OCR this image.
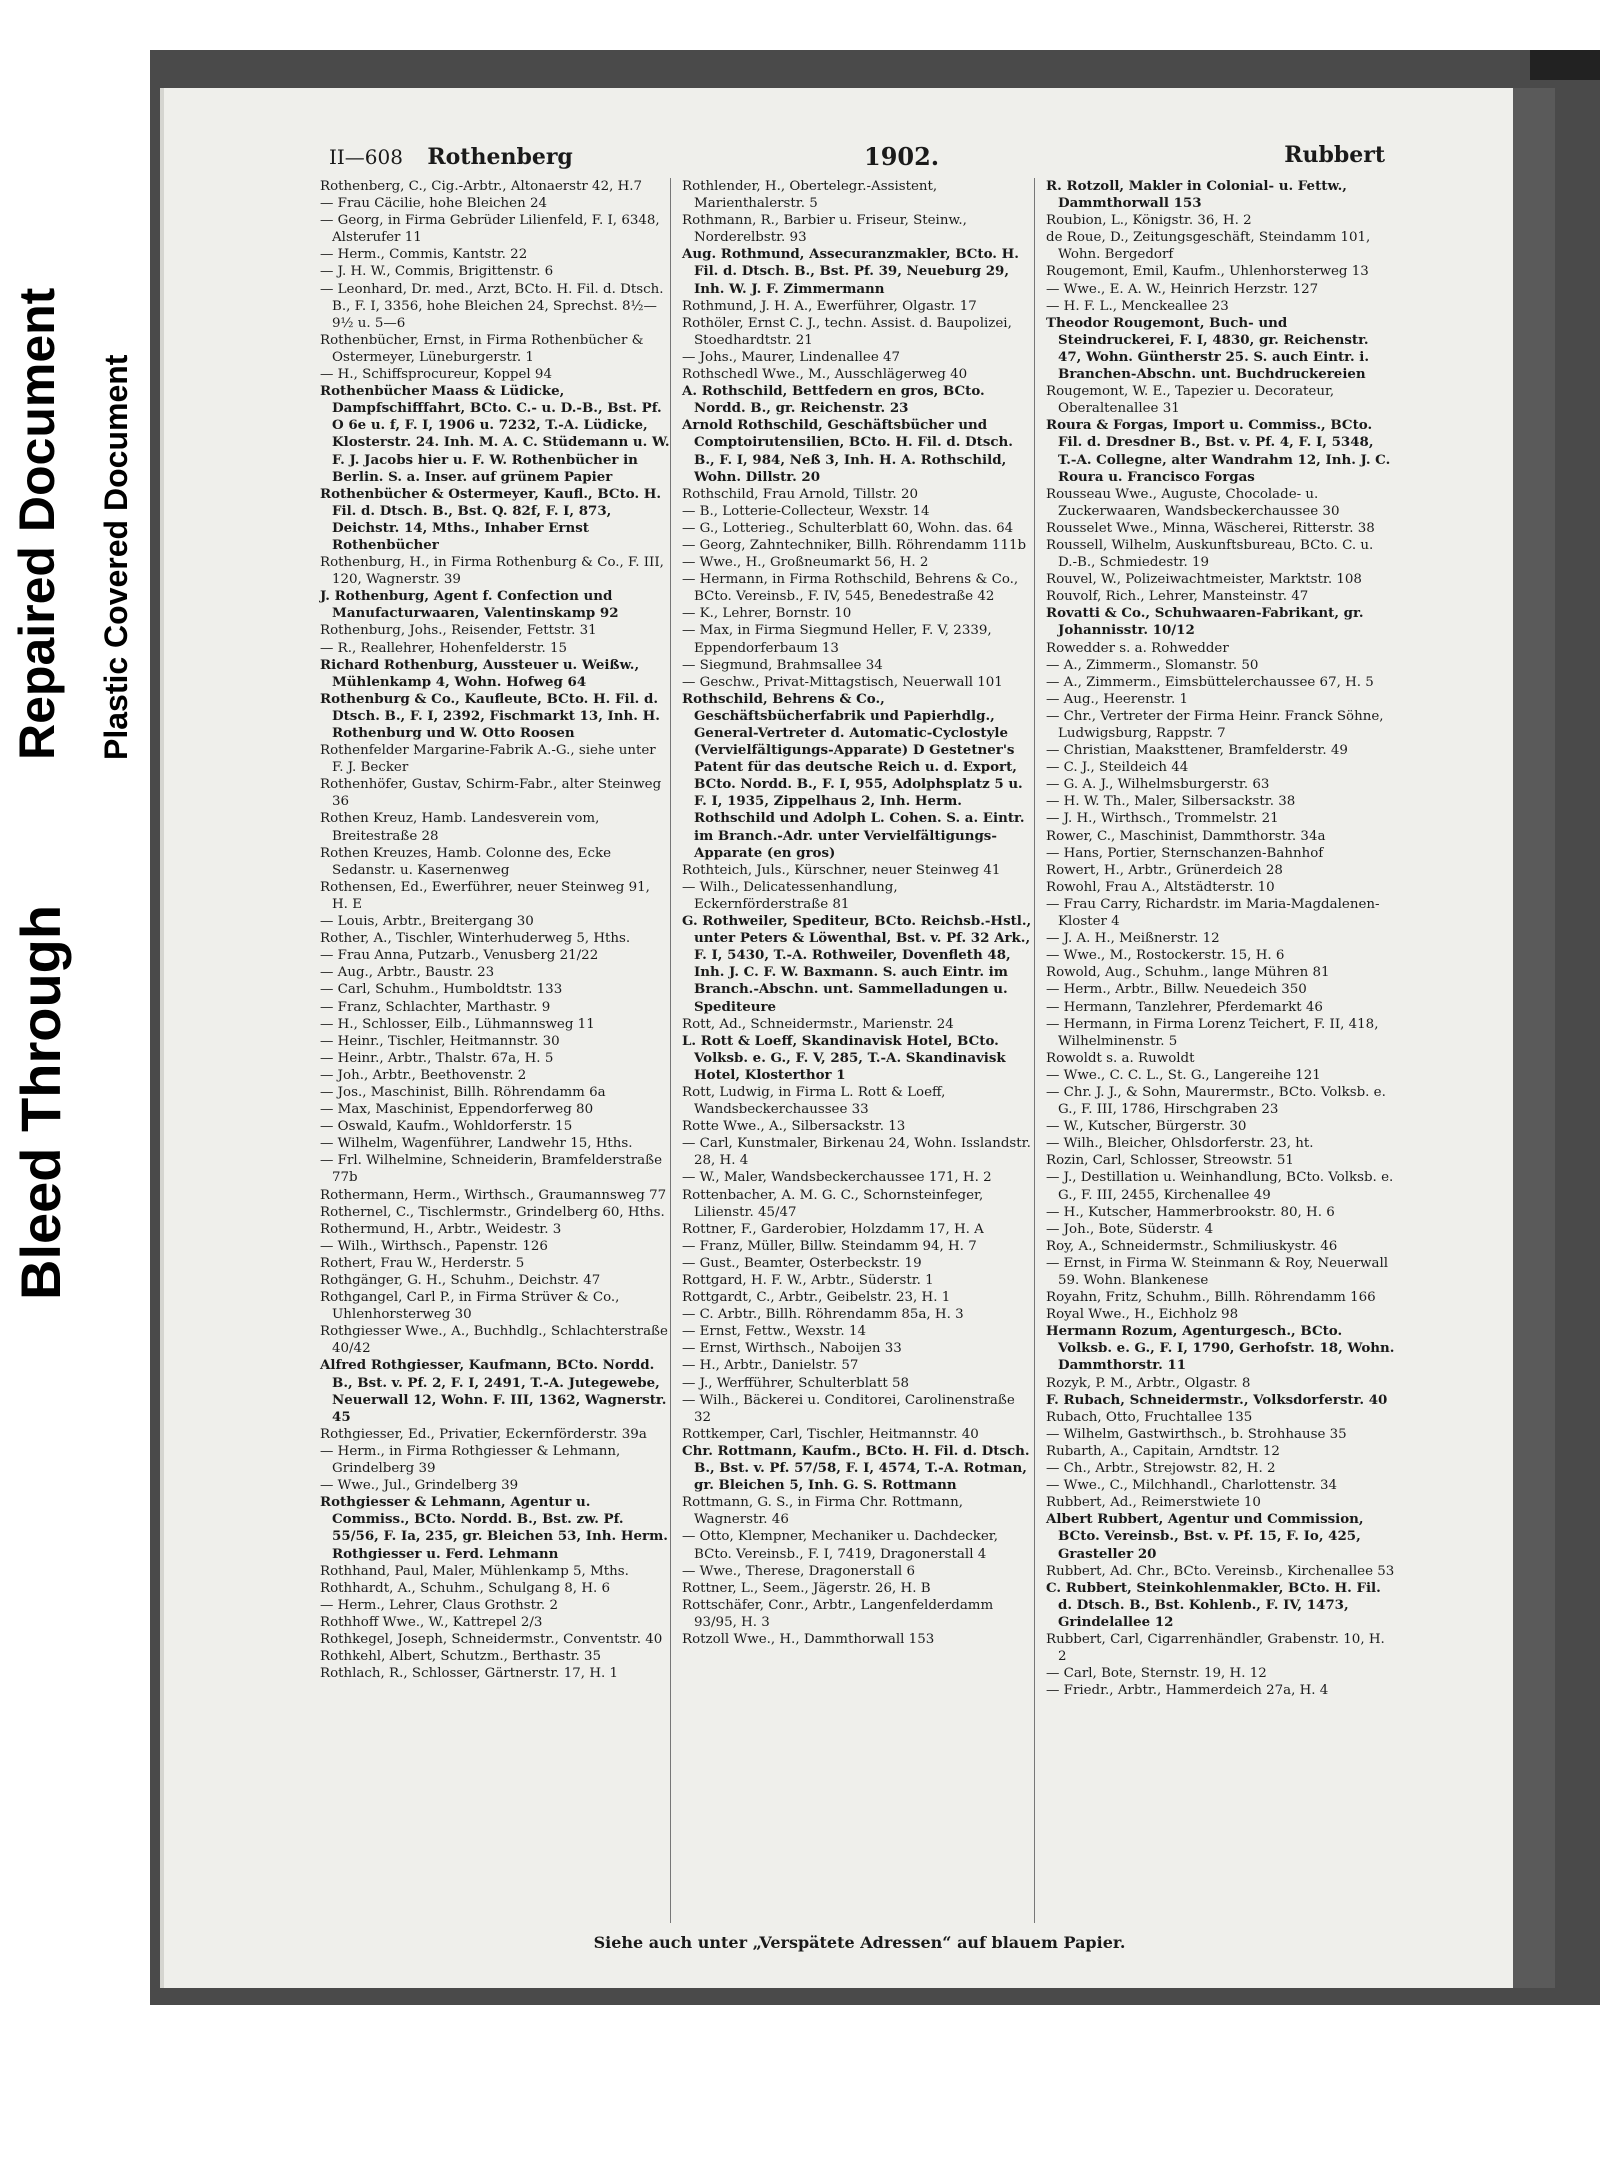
Bleed Through
Repaired Document Plastic Covered Document
II—608 Rothenberg	1902.	Rubbert

Rothenberg, C., Cig.-Arbtr., Altonaerstr 42, H.7

— Frau Cäcilie, hohe Bleichen 24

— Georg, in Firma Gebrüder Lilienfeld, F. I, 6348, Alsterufer 11

— Herm., Commis, Kantstr. 22

— J. H. W., Commis, Brigittenstr. 6

— Leonhard, Dr. med., Arzt, BCto. H. Fil. d. Dtsch. B., F. I, 3356, hohe Bleichen 24, Sprechst. 8½—9½ u. 5—6

Rothenbücher, Ernst, in Firma Rothenbücher & Ostermeyer, Lüneburgerstr. 1

— H., Schiffsprocureur, Koppel 94

Rothenbücher Maass & Lüdicke, Dampfschifffahrt, BCto. C.- u. D.-B., Bst. Pf. O 6e u. f, F. I, 1906 u. 7232, T.-A. Lüdicke, Klosterstr. 24. Inh. M. A. C. Stüdemann u. W. F. J. Jacobs hier u. F. W. Rothenbücher in Berlin. S. a. Inser. auf grünem Papier

Rothenbücher & Ostermeyer, Kaufl., BCto. H. Fil. d. Dtsch. B., Bst. Q. 82f, F. I, 873, Deichstr. 14, Mths., Inhaber Ernst Rothenbücher

Rothenburg, H., in Firma Rothenburg & Co., F. III, 120, Wagnerstr. 39

J. Rothenburg, Agent f. Confection und Manufacturwaaren, Valentinskamp 92

Rothenburg, Johs., Reisender, Fettstr. 31

— R., Reallehrer, Hohenfelderstr. 15

Richard Rothenburg, Aussteuer u. Weißw., Mühlenkamp 4, Wohn. Hofweg 64

Rothenburg & Co., Kaufleute, BCto. H. Fil. d. Dtsch. B., F. I, 2392, Fischmarkt 13, Inh. H. Rothenburg und W. Otto Roosen

Rothenfelder Margarine-Fabrik A.-G., siehe unter F. J. Becker

Rothenhöfer, Gustav, Schirm-Fabr., alter Steinweg 36

Rothen Kreuz, Hamb. Landesverein vom, Breitestraße 28

Rothen Kreuzes, Hamb. Colonne des, Ecke Sedanstr. u. Kasernenweg

Rothensen, Ed., Ewerführer, neuer Steinweg 91, H. E

— Louis, Arbtr., Breitergang 30

Rother, A., Tischler, Winterhuderweg 5, Hths.

— Frau Anna, Putzarb., Venusberg 21/22

— Aug., Arbtr., Baustr. 23

— Carl, Schuhm., Humboldtstr. 133

— Franz, Schlachter, Marthastr. 9

— H., Schlosser, Eilb., Lühmannsweg 11

— Heinr., Tischler, Heitmannstr. 30

— Heinr., Arbtr., Thalstr. 67a, H. 5

— Joh., Arbtr., Beethovenstr. 2

— Jos., Maschinist, Billh. Röhrendamm 6a

— Max, Maschinist, Eppendorferweg 80

— Oswald, Kaufm., Wohldorferstr. 15

— Wilhelm, Wagenführer, Landwehr 15, Hths.

— Frl. Wilhelmine, Schneiderin, Bramfelderstraße 77b

Rothermann, Herm., Wirthsch., Graumannsweg 77

Rothernel, C., Tischlermstr., Grindelberg 60, Hths.

Rothermund, H., Arbtr., Weidestr. 3

— Wilh., Wirthsch., Papenstr. 126

Rothert, Frau W., Herderstr. 5

Rothgänger, G. H., Schuhm., Deichstr. 47

Rothgangel, Carl P., in Firma Strüver & Co., Uhlenhorsterweg 30

Rothgiesser Wwe., A., Buchhdlg., Schlachterstraße 40/42

Alfred Rothgiesser, Kaufmann, BCto. Nordd. B., Bst. v. Pf. 2, F. I, 2491, T.-A. Jutegewebe, Neuerwall 12, Wohn. F. III, 1362, Wagnerstr. 45

Rothgiesser, Ed., Privatier, Eckernförderstr. 39a

— Herm., in Firma Rothgiesser & Lehmann, Grindelberg 39

— Wwe., Jul., Grindelberg 39

Rothgiesser & Lehmann, Agentur u. Commiss., BCto. Nordd. B., Bst. zw. Pf. 55/56, F. Ia, 235, gr. Bleichen 53, Inh. Herm. Rothgiesser u. Ferd. Lehmann

Rothhand, Paul, Maler, Mühlenkamp 5, Mths.

Rothhardt, A., Schuhm., Schulgang 8, H. 6

— Herm., Lehrer, Claus Grothstr. 2

Rothhoff Wwe., W., Kattrepel 2/3

Rothkegel, Joseph, Schneidermstr., Conventstr. 40

Rothkehl, Albert, Schutzm., Berthastr. 35

Rothlach, R., Schlosser, Gärtnerstr. 17, H. 1

Rothlender, H., Obertelegr.-Assistent, Marienthalerstr. 5

Rothmann, R., Barbier u. Friseur, Steinw., Norderelbstr. 93

Aug. Rothmund, Assecuranzmakler, BCto. H. Fil. d. Dtsch. B., Bst. Pf. 39, Neueburg 29, Inh. W. J. F. Zimmermann

Rothmund, J. H. A., Ewerführer, Olgastr. 17

Rothöler, Ernst C. J., techn. Assist. d. Baupolizei, Stoedhardtstr. 21

— Johs., Maurer, Lindenallee 47

Rothschedl Wwe., M., Ausschlägerweg 40

A. Rothschild, Bettfedern en gros, BCto. Nordd. B., gr. Reichenstr. 23

Arnold Rothschild, Geschäftsbücher und Comptoirutensilien, BCto. H. Fil. d. Dtsch. B., F. I, 984, Neß 3, Inh. H. A. Rothschild, Wohn. Dillstr. 20

Rothschild, Frau Arnold, Tillstr. 20

— B., Lotterie-Collecteur, Wexstr. 14

— G., Lotterieg., Schulterblatt 60, Wohn. das. 64

— Georg, Zahntechniker, Billh. Röhrendamm 111b

— Wwe., H., Großneumarkt 56, H. 2

— Hermann, in Firma Rothschild, Behrens & Co., BCto. Vereinsb., F. IV, 545, Benedestraße 42

— K., Lehrer, Bornstr. 10

— Max, in Firma Siegmund Heller, F. V, 2339, Eppendorferbaum 13

— Siegmund, Brahmsallee 34

— Geschw., Privat-Mittagstisch, Neuerwall 101

Rothschild, Behrens & Co., Geschäftsbücherfabrik und Papierhdlg., General-Vertreter d. Automatic-Cyclostyle (Vervielfältigungs-Apparate) D Gestetner's Patent für das deutsche Reich u. d. Export, BCto. Nordd. B., F. I, 955, Adolphsplatz 5 u. F. I, 1935, Zippelhaus 2, Inh. Herm. Rothschild und Adolph L. Cohen. S. a. Eintr. im Branch.-Adr. unter Vervielfältigungs-Apparate (en gros)

Rothteich, Juls., Kürschner, neuer Steinweg 41

— Wilh., Delicatessenhandlung, Eckernförderstraße 81

G. Rothweiler, Spediteur, BCto. Reichsb.-Hstl., unter Peters & Löwenthal, Bst. v. Pf. 32 Ark., F. I, 5430, T.-A. Rothweiler, Dovenfleth 48, Inh. J. C. F. W. Baxmann. S. auch Eintr. im Branch.-Abschn. unt. Sammelladungen u. Spediteure

Rott, Ad., Schneidermstr., Marienstr. 24

L. Rott & Loeff, Skandinavisk Hotel, BCto. Volksb. e. G., F. V, 285, T.-A. Skandinavisk Hotel, Klosterthor 1

Rott, Ludwig, in Firma L. Rott & Loeff, Wandsbeckerchaussee 33

Rotte Wwe., A., Silbersackstr. 13

— Carl, Kunstmaler, Birkenau 24, Wohn. Isslandstr. 28, H. 4

— W., Maler, Wandsbeckerchaussee 171, H. 2

Rottenbacher, A. M. G. C., Schornsteinfeger, Lilienstr. 45/47

Rottner, F., Garderobier, Holzdamm 17, H. A

— Franz, Müller, Billw. Steindamm 94, H. 7

— Gust., Beamter, Osterbeckstr. 19

Rottgard, H. F. W., Arbtr., Süderstr. 1

Rottgardt, C., Arbtr., Geibelstr. 23, H. 1

— C. Arbtr., Billh. Röhrendamm 85a, H. 3

— Ernst, Fettw., Wexstr. 14

— Ernst, Wirthsch., Naboijen 33

— H., Arbtr., Danielstr. 57

— J., Werfführer, Schulterblatt 58

— Wilh., Bäckerei u. Conditorei, Carolinenstraße 32

Rottkemper, Carl, Tischler, Heitmannstr. 40

Chr. Rottmann, Kaufm., BCto. H. Fil. d. Dtsch. B., Bst. v. Pf. 57/58, F. I, 4574, T.-A. Rotman, gr. Bleichen 5, Inh. G. S. Rottmann

Rottmann, G. S., in Firma Chr. Rottmann, Wagnerstr. 46

— Otto, Klempner, Mechaniker u. Dachdecker, BCto. Vereinsb., F. I, 7419, Dragonerstall 4

— Wwe., Therese, Dragonerstall 6

Rottner, L., Seem., Jägerstr. 26, H. B

Rottschäfer, Conr., Arbtr., Langenfelderdamm 93/95, H. 3

Rotzoll Wwe., H., Dammthorwall 153

R. Rotzoll, Makler in Colonial- u. Fettw., Dammthorwall 153

Roubion, L., Königstr. 36, H. 2

de Roue, D., Zeitungsgeschäft, Steindamm 101, Wohn. Bergedorf

Rougemont, Emil, Kaufm., Uhlenhorsterweg 13

— Wwe., E. A. W., Heinrich Herzstr. 127

— H. F. L., Menckeallee 23

Theodor Rougemont, Buch- und Steindruckerei, F. I, 4830, gr. Reichenstr. 47, Wohn. Güntherstr 25. S. auch Eintr. i. Branchen-Abschn. unt. Buchdruckereien

Rougemont, W. E., Tapezier u. Decorateur, Oberaltenallee 31

Roura & Forgas, Import u. Commiss., BCto. Fil. d. Dresdner B., Bst. v. Pf. 4, F. I, 5348, T.-A. Collegne, alter Wandrahm 12, Inh. J. C. Roura u. Francisco Forgas

Rousseau Wwe., Auguste, Chocolade- u. Zuckerwaaren, Wandsbeckerchaussee 30

Rousselet Wwe., Minna, Wäscherei, Ritterstr. 38

Roussell, Wilhelm, Auskunftsbureau, BCto. C. u. D.-B., Schmiedestr. 19

Rouvel, W., Polizeiwachtmeister, Marktstr. 108

Rouvolf, Rich., Lehrer, Mansteinstr. 47

Rovatti & Co., Schuhwaaren-Fabrikant, gr. Johannisstr. 10/12

Rowedder s. a. Rohwedder

— A., Zimmerm., Slomanstr. 50

— A., Zimmerm., Eimsbüttelerchaussee 67, H. 5

— Aug., Heerenstr. 1

— Chr., Vertreter der Firma Heinr. Franck Söhne, Ludwigsburg, Rappstr. 7

— Christian, Maaksttener, Bramfelderstr. 49

— C. J., Steildeich 44

— G. A. J., Wilhelmsburgerstr. 63

— H. W. Th., Maler, Silbersackstr. 38

— J. H., Wirthsch., Trommelstr. 21

Rower, C., Maschinist, Dammthorstr. 34a

— Hans, Portier, Sternschanzen-Bahnhof

Rowert, H., Arbtr., Grünerdeich 28

Rowohl, Frau A., Altstädterstr. 10

— Frau Carry, Richardstr. im Maria-Magdalenen-Kloster 4

— J. A. H., Meißnerstr. 12

— Wwe., M., Rostockerstr. 15, H. 6

Rowold, Aug., Schuhm., lange Mühren 81

— Herm., Arbtr., Billw. Neuedeich 350

— Hermann, Tanzlehrer, Pferdemarkt 46

— Hermann, in Firma Lorenz Teichert, F. II, 418, Wilhelminenstr. 5

Rowoldt s. a. Ruwoldt

— Wwe., C. C. L., St. G., Langereihe 121

— Chr. J. J., & Sohn, Maurermstr., BCto. Volksb. e. G., F. III, 1786, Hirschgraben 23

— W., Kutscher, Bürgerstr. 30

— Wilh., Bleicher, Ohlsdorferstr. 23, ht.

Rozin, Carl, Schlosser, Streowstr. 51

— J., Destillation u. Weinhandlung, BCto. Volksb. e. G., F. III, 2455, Kirchenallee 49

— H., Kutscher, Hammerbrookstr. 80, H. 6

— Joh., Bote, Süderstr. 4

Roy, A., Schneidermstr., Schmiliuskystr. 46

— Ernst, in Firma W. Steinmann & Roy, Neuerwall 59. Wohn. Blankenese

Royahn, Fritz, Schuhm., Billh. Röhrendamm 166

Royal Wwe., H., Eichholz 98

Hermann Rozum, Agenturgesch., BCto. Volksb. e. G., F. I, 1790, Gerhofstr. 18, Wohn. Dammthorstr. 11

Rozyk, P. M., Arbtr., Olgastr. 8

F. Rubach, Schneidermstr., Volksdorferstr. 40

Rubach, Otto, Fruchtallee 135

— Wilhelm, Gastwirthsch., b. Strohhause 35

Rubarth, A., Capitain, Arndtstr. 12

— Ch., Arbtr., Strejowstr. 82, H. 2

— Wwe., C., Milchhandl., Charlottenstr. 34

Rubbert, Ad., Reimerstwiete 10

Albert Rubbert, Agentur und Commission, BCto. Vereinsb., Bst. v. Pf. 15, F. Io, 425, Grasteller 20

Rubbert, Ad. Chr., BCto. Vereinsb., Kirchenallee 53

C. Rubbert, Steinkohlenmakler, BCto. H. Fil. d. Dtsch. B., Bst. Kohlenb., F. IV, 1473, Grindelallee 12

Rubbert, Carl, Cigarrenhändler, Grabenstr. 10, H. 2

— Carl, Bote, Sternstr. 19, H. 12

— Friedr., Arbtr., Hammerdeich 27a, H. 4

Siehe auch unter „Verspätete Adressen“ auf blauem Papier.
